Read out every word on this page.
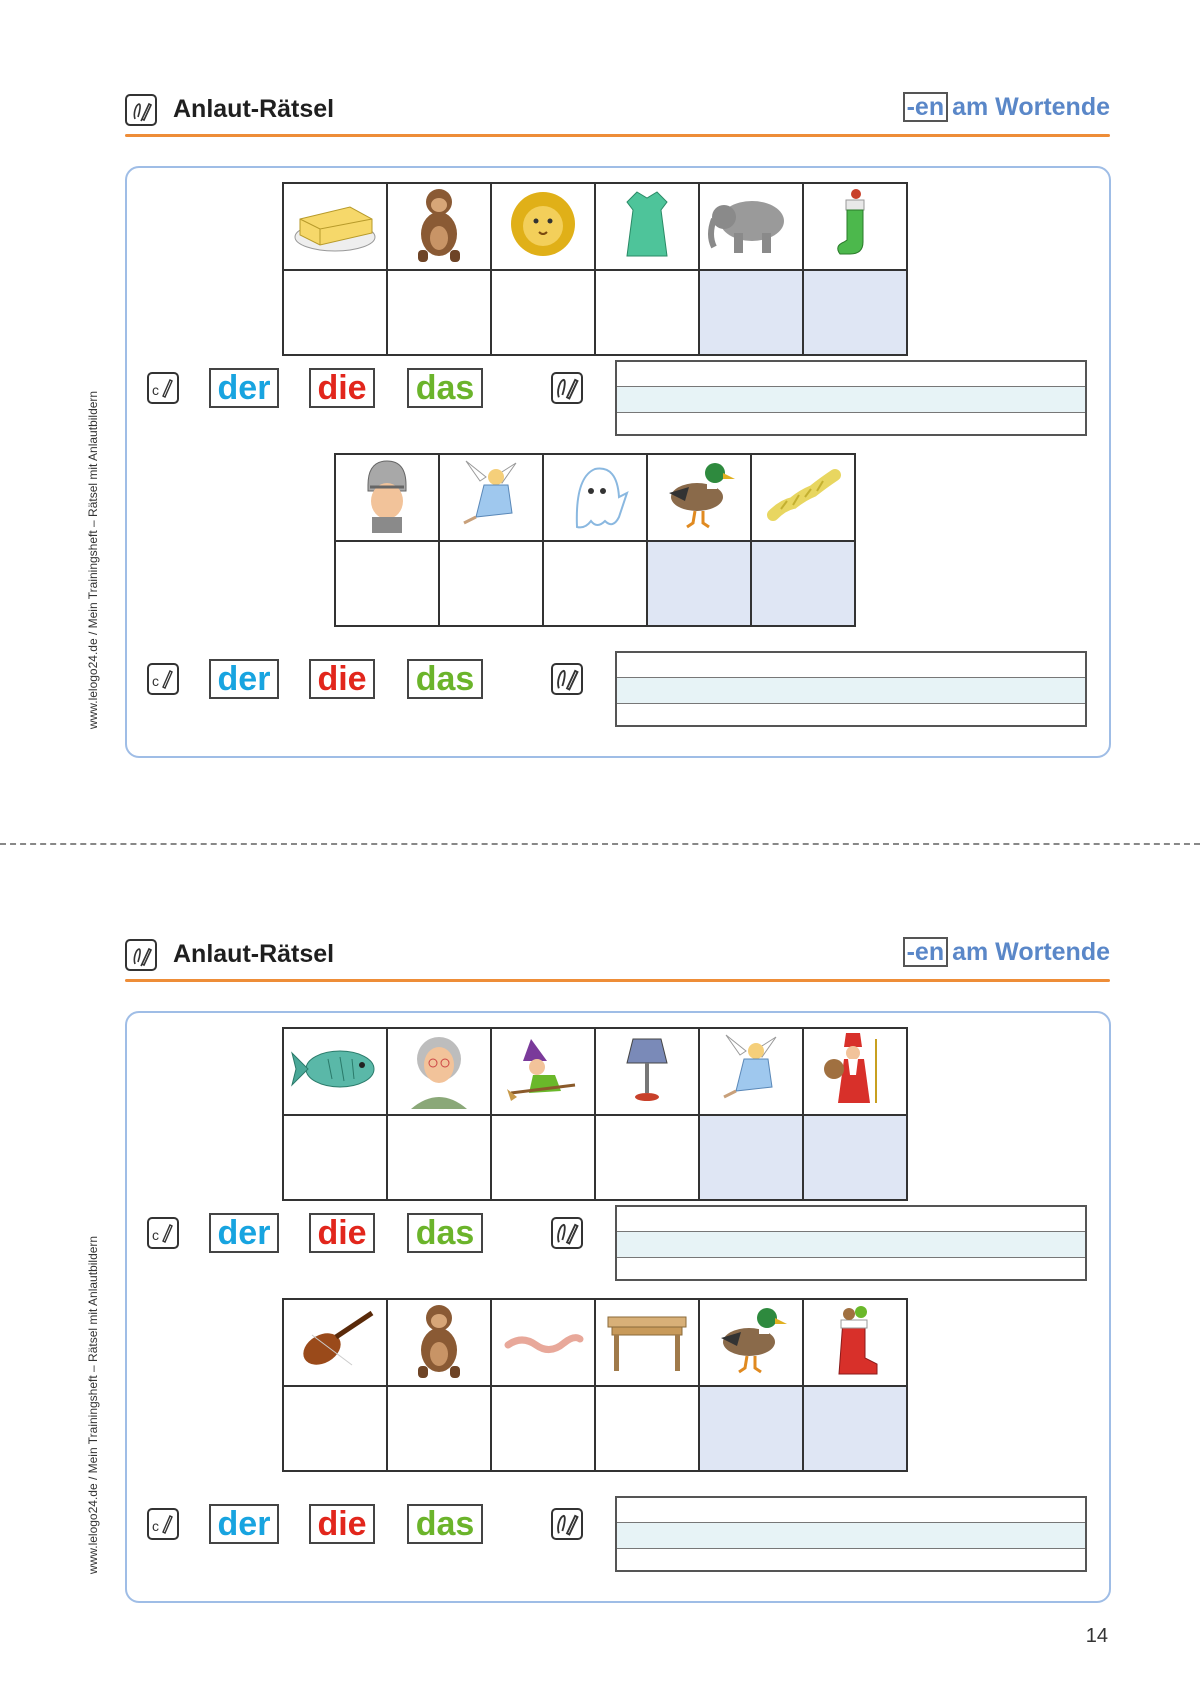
www.lelogo24.de / Mein Trainingsheft – Rätsel mit Anlautbildern
Anlaut-Rätsel	-en am Wortende

c der die das

c der die das
www.lelogo24.de / Mein Trainingsheft – Rätsel mit Anlautbildern
Anlaut-Rätsel	-en am Wortende

c der die das

c der die das
14
